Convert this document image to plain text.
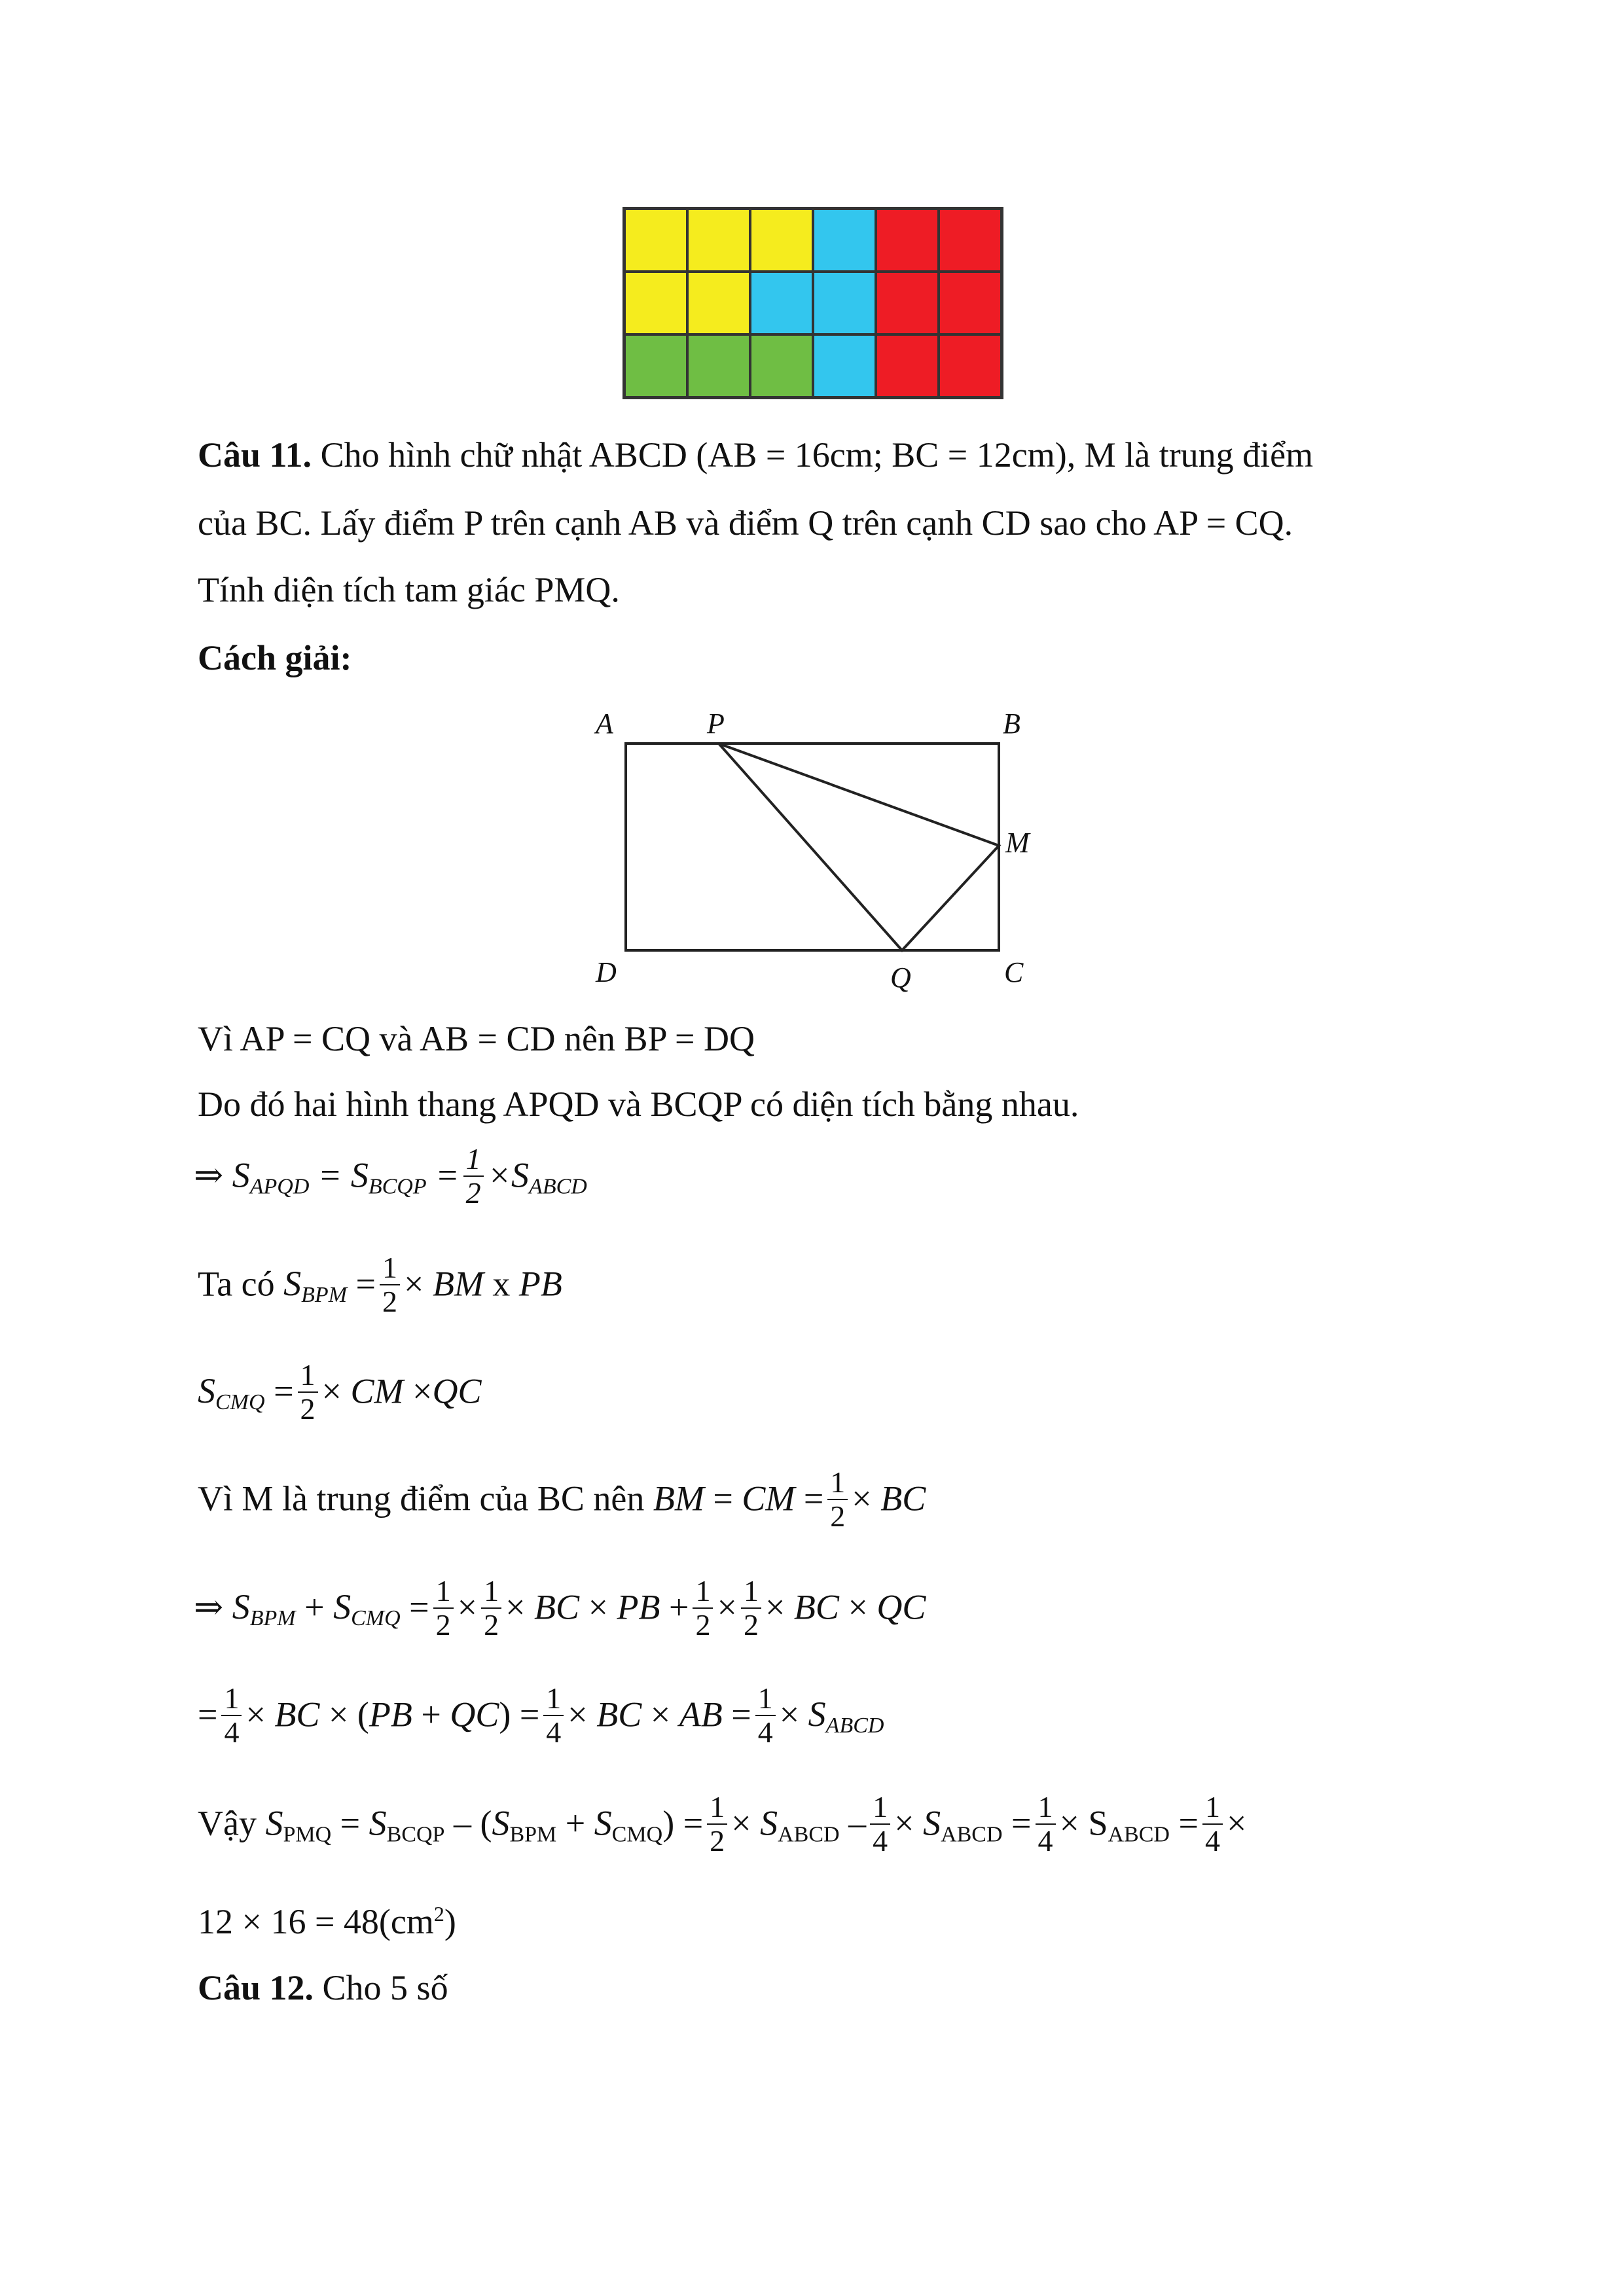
Câu 11. Cho hình chữ nhật ABCD (AB = 16cm; BC = 12cm), M là trung điểm
của BC. Lấy điểm P trên cạnh AB và điểm Q trên cạnh CD sao cho AP = CQ.
Tính diện tích tam giác PMQ.
Cách giải:
A	P	B
M
D	Q	C
Vì AP = CQ và AB = CD nên BP = DQ
Do đó hai hình thang APQD và BCQP có diện tích bằng nhau.
⇒ $S_{APQD} = S_{BCQP} = \frac{1}{2} \times S_{ABCD}$
Ta có $S_{BPM} = \frac{1}{2}$ × BM x PB
$S_{CMQ} = \frac{1}{2}$ × CM ×QC
Vì M là trung điểm của BC nên BM = CM = $\frac{1}{2}$ × BC
⇒ $S_{BPM} + S_{CMQ} = \frac{1}{2} \times \frac{1}{2}$ × BC × PB + $\frac{1}{2} \times \frac{1}{2}$ × BC × QC
= $\frac{1}{4}$ × BC × $(PB + QC) = \frac{1}{4}$ × BC × AB = $\frac{1}{4} \times S_{ABCD}$
Vậy $S_{PMQ} = S_{BCQP} - (S_{BPM} + S_{CMQ}) = \frac{1}{2} \times S_{ABCD} - \frac{1}{4} \times S_{ABCD} = \frac{1}{4} \times S_{ABCD} = \frac{1}{4}$ ×
$12 \times 16 = 48(cm^2)$
Câu 12. Cho 5 số
